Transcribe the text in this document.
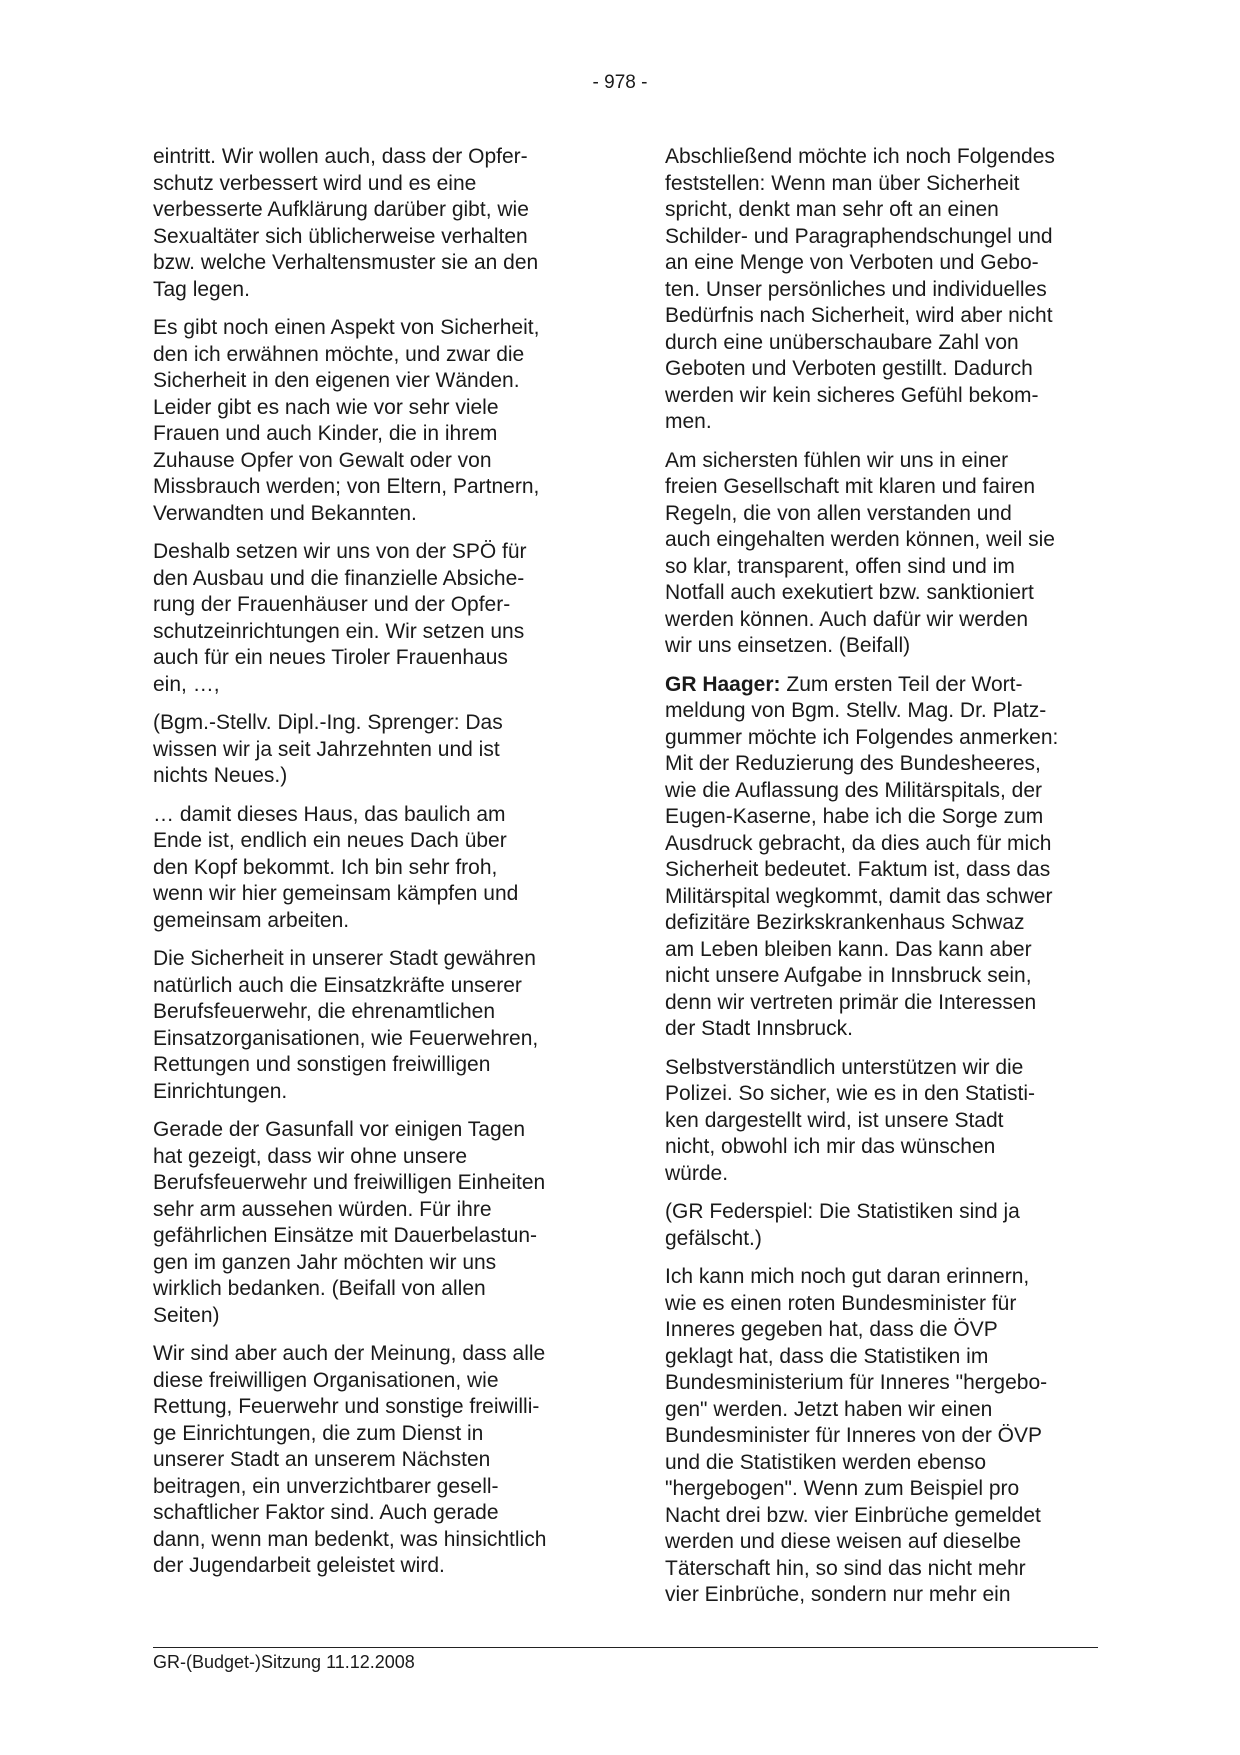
- 978 -

eintritt. Wir wollen auch, dass der Opfer-
schutz verbessert wird und es eine
verbesserte Aufklärung darüber gibt, wie
Sexualtäter sich üblicherweise verhalten
bzw. welche Verhaltensmuster sie an den
Tag legen.

Es gibt noch einen Aspekt von Sicherheit,
den ich erwähnen möchte, und zwar die
Sicherheit in den eigenen vier Wänden.
Leider gibt es nach wie vor sehr viele
Frauen und auch Kinder, die in ihrem
Zuhause Opfer von Gewalt oder von
Missbrauch werden; von Eltern, Partnern,
Verwandten und Bekannten.

Deshalb setzen wir uns von der SPÖ für
den Ausbau und die finanzielle Absiche-
rung der Frauenhäuser und der Opfer-
schutzeinrichtungen ein. Wir setzen uns
auch für ein neues Tiroler Frauenhaus
ein, …,

(Bgm.-Stellv. Dipl.-Ing. Sprenger: Das
wissen wir ja seit Jahrzehnten und ist
nichts Neues.)

… damit dieses Haus, das baulich am
Ende ist, endlich ein neues Dach über
den Kopf bekommt. Ich bin sehr froh,
wenn wir hier gemeinsam kämpfen und
gemeinsam arbeiten.

Die Sicherheit in unserer Stadt gewähren
natürlich auch die Einsatzkräfte unserer
Berufsfeuerwehr, die ehrenamtlichen
Einsatzorganisationen, wie Feuerwehren,
Rettungen und sonstigen freiwilligen
Einrichtungen.

Gerade der Gasunfall vor einigen Tagen
hat gezeigt, dass wir ohne unsere
Berufsfeuerwehr und freiwilligen Einheiten
sehr arm aussehen würden. Für ihre
gefährlichen Einsätze mit Dauerbelastun-
gen im ganzen Jahr möchten wir uns
wirklich bedanken. (Beifall von allen
Seiten)

Wir sind aber auch der Meinung, dass alle
diese freiwilligen Organisationen, wie
Rettung, Feuerwehr und sonstige freiwilli-
ge Einrichtungen, die zum Dienst in
unserer Stadt an unserem Nächsten
beitragen, ein unverzichtbarer gesell-
schaftlicher Faktor sind. Auch gerade
dann, wenn man bedenkt, was hinsichtlich
der Jugendarbeit geleistet wird.

Abschließend möchte ich noch Folgendes
feststellen: Wenn man über Sicherheit
spricht, denkt man sehr oft an einen
Schilder- und Paragraphendschungel und
an eine Menge von Verboten und Gebo-
ten. Unser persönliches und individuelles
Bedürfnis nach Sicherheit, wird aber nicht
durch eine unüberschaubare Zahl von
Geboten und Verboten gestillt. Dadurch
werden wir kein sicheres Gefühl bekom-
men.

Am sichersten fühlen wir uns in einer
freien Gesellschaft mit klaren und fairen
Regeln, die von allen verstanden und
auch eingehalten werden können, weil sie
so klar, transparent, offen sind und im
Notfall auch exekutiert bzw. sanktioniert
werden können. Auch dafür wir werden
wir uns einsetzen. (Beifall)

GR Haager: Zum ersten Teil der Wort-
meldung von Bgm. Stellv. Mag. Dr. Platz-
gummer möchte ich Folgendes anmerken:
Mit der Reduzierung des Bundesheeres,
wie die Auflassung des Militärspitals, der
Eugen-Kaserne, habe ich die Sorge zum
Ausdruck gebracht, da dies auch für mich
Sicherheit bedeutet. Faktum ist, dass das
Militärspital wegkommt, damit das schwer
defizitäre Bezirkskrankenhaus Schwaz
am Leben bleiben kann. Das kann aber
nicht unsere Aufgabe in Innsbruck sein,
denn wir vertreten primär die Interessen
der Stadt Innsbruck.

Selbstverständlich unterstützen wir die
Polizei. So sicher, wie es in den Statisti-
ken dargestellt wird, ist unsere Stadt
nicht, obwohl ich mir das wünschen
würde.

(GR Federspiel: Die Statistiken sind ja
gefälscht.)

Ich kann mich noch gut daran erinnern,
wie es einen roten Bundesminister für
Inneres gegeben hat, dass die ÖVP
geklagt hat, dass die Statistiken im
Bundesministerium für Inneres "hergebo-
gen" werden. Jetzt haben wir einen
Bundesminister für Inneres von der ÖVP
und die Statistiken werden ebenso
"hergebogen". Wenn zum Beispiel pro
Nacht drei bzw. vier Einbrüche gemeldet
werden und diese weisen auf dieselbe
Täterschaft hin, so sind das nicht mehr
vier Einbrüche, sondern nur mehr ein

GR-(Budget-)Sitzung 11.12.2008
